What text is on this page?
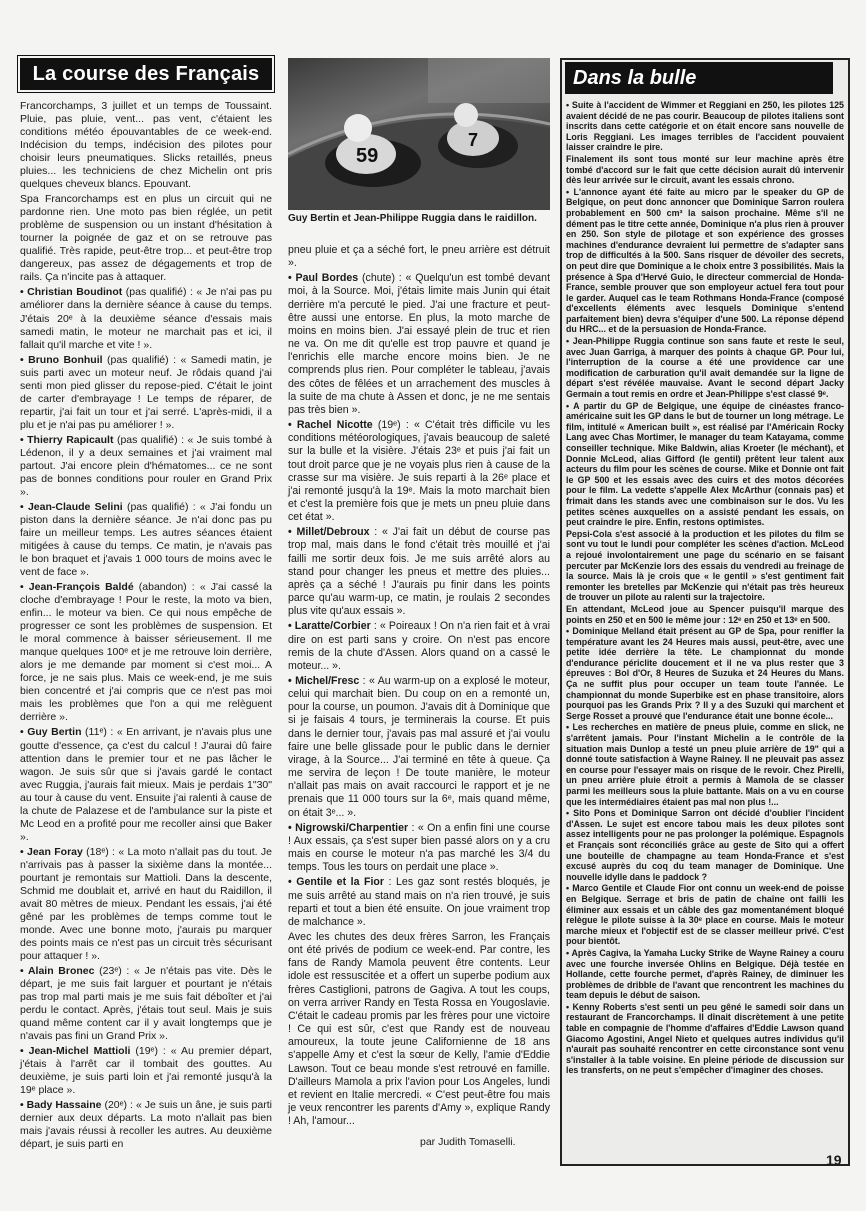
La course des Français
59
7

Guy Bertin et Jean-Philippe Ruggia dans le raidillon.

Francorchamps, 3 juillet et un temps de Toussaint. Pluie, pas pluie, vent... pas vent, c'étaient les conditions météo épouvantables de ce week-end. Indécision du temps, indécision des pilotes pour choisir leurs pneumatiques. Slicks retaillés, pneus pluies... les techniciens de chez Michelin ont pris quelques cheveux blancs. Epouvant.

Spa Francorchamps est en plus un circuit qui ne pardonne rien. Une moto pas bien réglée, un petit problème de suspension ou un instant d'hésitation à tourner la poignée de gaz et on se retrouve pas qualifié. Très rapide, peut-être trop... et peut-être trop dangereux, pas assez de dégagements et trop de rails. Ça n'incite pas à attaquer.

• Christian Boudinot (pas qualifié) : « Je n'ai pas pu améliorer dans la dernière séance à cause du temps. J'étais 20ᵉ à la deuxième séance d'essais mais samedi matin, le moteur ne marchait pas et ici, il fallait qu'il marche et vite ! ».

• Bruno Bonhuil (pas qualifié) : « Samedi matin, je suis parti avec un moteur neuf. Je rôdais quand j'ai senti mon pied glisser du repose-pied. C'était le joint de carter d'embrayage ! Le temps de réparer, de repartir, j'ai fait un tour et j'ai serré. L'après-midi, il a plu et je n'ai pas pu améliorer ! ».

• Thierry Rapicault (pas qualifié) : « Je suis tombé à Lédenon, il y a deux semaines et j'ai vraiment mal partout. J'ai encore plein d'hématomes... ce ne sont pas de bonnes conditions pour rouler en Grand Prix ».

• Jean-Claude Selini (pas qualifié) : « J'ai fondu un piston dans la dernière séance. Je n'ai donc pas pu faire un meilleur temps. Les autres séances étaient mitigées à cause du temps. Ce matin, je n'avais pas le bon braquet et j'avais 1 000 tours de moins avec le vent de face ».

• Jean-François Baldé (abandon) : « J'ai cassé la cloche d'embrayage ! Pour le reste, la moto va bien, enfin... le moteur va bien. Ce qui nous empêche de progresser ce sont les problèmes de suspension. Et le moral commence à baisser sérieusement. Il me manque quelques 100ᵉ et je me retrouve loin derrière, alors je me demande par moment si c'est moi... A force, je ne sais plus. Mais ce week-end, je me suis bien concentré et j'ai compris que ce n'est pas moi mais les problèmes que l'on a qui me relèguent derrière ».

• Guy Bertin (11ᵉ) : « En arrivant, je n'avais plus une goutte d'essence, ça c'est du calcul ! J'aurai dû faire attention dans le premier tour et ne pas lâcher le wagon. Je suis sûr que si j'avais gardé le contact avec Ruggia, j'aurais fait mieux. Mais je perdais 1"30" au tour à cause du vent. Ensuite j'ai ralenti à cause de la chute de Palazese et de l'ambulance sur la piste et Mc Leod en a profité pour me recoller ainsi que Baker ».

• Jean Foray (18ᵉ) : « La moto n'allait pas du tout. Je n'arrivais pas à passer la sixième dans la montée... pourtant je remontais sur Mattioli. Dans la descente, Schmid me doublait et, arrivé en haut du Raidillon, il avait 80 mètres de mieux. Pendant les essais, j'ai été gêné par les problèmes de temps comme tout le monde. Avec une bonne moto, j'aurais pu marquer des points mais ce n'est pas un circuit très sécurisant pour attaquer ! ».

• Alain Bronec (23ᵉ) : « Je n'étais pas vite. Dès le départ, je me suis fait larguer et pourtant je n'étais pas trop mal parti mais je me suis fait déboîter et j'ai perdu le contact. Après, j'étais tout seul. Mais je suis quand même content car il y avait longtemps que je n'avais pas fini un Grand Prix ».

• Jean-Michel Mattioli (19ᵉ) : « Au premier départ, j'étais à l'arrêt car il tombait des gouttes. Au deuxième, je suis parti loin et j'ai remonté jusqu'à la 19ᵉ place ».

• Bady Hassaine (20ᵉ) : « Je suis un âne, je suis parti dernier aux deux départs. La moto n'allait pas bien mais j'avais réussi à recoller les autres. Au deuxième départ, je suis parti en

pneu pluie et ça a séché fort, le pneu arrière est détruit ».

• Paul Bordes (chute) : « Quelqu'un est tombé devant moi, à la Source. Moi, j'étais limite mais Junin qui était derrière m'a percuté le pied. J'ai une fracture et peut-être aussi une entorse. En plus, la moto marche de moins en moins bien. J'ai essayé plein de truc et rien ne va. On me dit qu'elle est trop pauvre et quand je l'enrichis elle marche encore moins bien. Je ne comprends plus rien. Pour compléter le tableau, j'avais des côtes de fêlées et un arrachement des muscles à la suite de ma chute à Assen et donc, je ne me sentais pas très bien ».

• Rachel Nicotte (19ᵉ) : « C'était très difficile vu les conditions météorologiques, j'avais beaucoup de saleté sur la bulle et la visière. J'étais 23ᵉ et puis j'ai fait un tout droit parce que je ne voyais plus rien à cause de la crasse sur ma visière. Je suis reparti à la 26ᵉ place et j'ai remonté jusqu'à la 19ᵉ. Mais la moto marchait bien et c'est la première fois que je mets un pneu pluie dans cet état ».

• Millet/Debroux : « J'ai fait un début de course pas trop mal, mais dans le fond c'était très mouillé et j'ai failli me sortir deux fois. Je me suis arrêté alors au stand pour changer les pneus et mettre des pluies... après ça a séché ! J'aurais pu finir dans les points parce qu'au warm-up, ce matin, je roulais 2 secondes plus vite qu'aux essais ».

• Laratte/Corbier : « Poireaux ! On n'a rien fait et à vrai dire on est parti sans y croire. On n'est pas encore remis de la chute d'Assen. Alors quand on a cassé le moteur... ».

• Michel/Fresc : « Au warm-up on a explosé le moteur, celui qui marchait bien. Du coup on en a remonté un, pour la course, un poumon. J'avais dit à Dominique que si je faisais 4 tours, je terminerais la course. Et puis dans le dernier tour, j'avais pas mal assuré et j'ai voulu faire une belle glissade pour le public dans le dernier virage, à la Source... J'ai terminé en tête à queue. Ça me servira de leçon ! De toute manière, le moteur n'allait pas mais on avait raccourci le rapport et je ne prenais que 11 000 tours sur la 6ᵉ, mais quand même, on était 3ᵉ... ».

• Nigrowski/Charpentier : « On a enfin fini une course ! Aux essais, ça s'est super bien passé alors on y a cru mais en course le moteur n'a pas marché les 3/4 du temps. Tous les tours on perdait une place ».

• Gentile et la Fior : Les gaz sont restés bloqués, je me suis arrêté au stand mais on n'a rien trouvé, je suis reparti et tout a bien été ensuite. On joue vraiment trop de malchance ».

Avec les chutes des deux frères Sarron, les Français ont été privés de podium ce week-end. Par contre, les fans de Randy Mamola peuvent être contents. Leur idole est ressuscitée et a offert un superbe podium aux frères Castiglioni, patrons de Gagiva. A tout les coups, on verra arriver Randy en Testa Rossa en Yougoslavie. C'était le cadeau promis par les frères pour une victoire ! Ce qui est sûr, c'est que Randy est de nouveau amoureux, la toute jeune Californienne de 18 ans s'appelle Amy et c'est la sœur de Kelly, l'amie d'Eddie Lawson. Tout ce beau monde s'est retrouvé en famille. D'ailleurs Mamola a prix l'avion pour Los Angeles, lundi et revient en Italie mercredi. « C'est peut-être fou mais je veux rencontrer les parents d'Amy », explique Randy ! Ah, l'amour...

par Judith Tomaselli.

Dans la bulle

• Suite à l'accident de Wimmer et Reggiani en 250, les pilotes 125 avaient décidé de ne pas courir. Beaucoup de pilotes italiens sont inscrits dans cette catégorie et on était encore sans nouvelle de Loris Reggiani. Les images terribles de l'accident pouvaient laisser craindre le pire.

Finalement ils sont tous monté sur leur machine après être tombé d'accord sur le fait que cette décision aurait dû intervenir dès leur arrivée sur le circuit, avant les essais chrono.

• L'annonce ayant été faite au micro par le speaker du GP de Belgique, on peut donc annoncer que Dominique Sarron roulera probablement en 500 cm³ la saison prochaine. Même s'il ne dément pas le titre cette année, Dominique n'a plus rien à prouver en 250. Son style de pilotage et son expérience des grosses machines d'endurance devraient lui permettre de s'adapter sans trop de difficultés à la 500. Sans risquer de dévoiler des secrets, on peut dire que Dominique a le choix entre 3 possibilités. Mais la présence à Spa d'Hervé Guio, le directeur commercial de Honda-France, semble prouver que son employeur actuel fera tout pour le garder. Auquel cas le team Rothmans Honda-France (composé d'excellents éléments avec lesquels Dominique s'entend parfaitement bien) devra s'équiper d'une 500. La réponse dépend du HRC... et de la persuasion de Honda-France.

• Jean-Philippe Ruggia continue son sans faute et reste le seul, avec Juan Garriga, à marquer des points à chaque GP. Pour lui, l'interruption de la course a été une providence car une modification de carburation qu'il avait demandée sur la ligne de départ s'est révélée mauvaise. Avant le second départ Jacky Germain a tout remis en ordre et Jean-Philippe s'est classé 9ᵉ.

• A partir du GP de Belgique, une équipe de cinéastes franco-américaine suit les GP dans le but de tourner un long métrage. Le film, intitulé « American built », est réalisé par l'Américain Rocky Lang avec Chas Mortimer, le manager du team Katayama, comme conseiller technique. Mike Baldwin, alias Kroeter (le méchant), et Donnie McLeod, alias Gifford (le gentil) prêtent leur talent aux acteurs du film pour les scènes de course. Mike et Donnie ont fait le GP 500 et les essais avec des cuirs et des motos décorées pour le film. La vedette s'appelle Alex McArthur (connais pas) et frimait dans les stands avec une combinaison sur le dos. Vu les petites scènes auxquelles on a assisté pendant les essais, on peut craindre le pire. Enfin, restons optimistes.

Pepsi-Cola s'est associé à la production et les pilotes du film se sont vu tout le lundi pour compléter les scènes d'action. McLeod a rejoué involontairement une page du scénario en se faisant percuter par McKenzie lors des essais du vendredi au freinage de la source. Mais là je crois que « le gentil » s'est gentiment fait remonter les bretelles par McKenzie qui n'était pas très heureux de trouver un pilote au ralenti sur la trajectoire.

En attendant, McLeod joue au Spencer puisqu'il marque des points en 250 et en 500 le même jour : 12ᵉ en 250 et 13ᵉ en 500.

• Dominique Melland était présent au GP de Spa, pour renifler la température avant les 24 Heures mais aussi, peut-être, avec une petite idée derrière la tête. Le championnat du monde d'endurance périclite doucement et il ne va plus rester que 3 épreuves : Bol d'Or, 8 Heures de Suzuka et 24 Heures du Mans. Ça ne suffit plus pour occuper un team toute l'année. Le championnat du monde Superbike est en phase transitoire, alors pourquoi pas les Grands Prix ? Il y a des Suzuki qui marchent et Serge Rosset a prouvé que l'endurance était une bonne école...

• Les recherches en matière de pneus pluie, comme en slick, ne s'arrêtent jamais. Pour l'instant Michelin a le contrôle de la situation mais Dunlop a testé un pneu pluie arrière de 19" qui a donné toute satisfaction à Wayne Rainey. Il ne pleuvait pas assez en course pour l'essayer mais on risque de le revoir. Chez Pirelli, un pneu arrière pluie étroit a permis à Mamola de se classer parmi les meilleurs sous la pluie battante. Mais on a vu en course que les intermédiaires étaient pas mal non plus !...

• Sito Pons et Dominique Sarron ont décidé d'oublier l'incident d'Assen. Le sujet est encore tabou mais les deux pilotes sont assez intelligents pour ne pas prolonger la polémique. Espagnols et Français sont réconciliés grâce au geste de Sito qui a offert une bouteille de champagne au team Honda-France et s'est excusé auprès du coq du team manager de Dominique. Une nouvelle idylle dans le paddock ?

• Marco Gentile et Claude Fior ont connu un week-end de poisse en Belgique. Serrage et bris de patin de chaîne ont failli les éliminer aux essais et un câble des gaz momentanément bloqué relègue le pilote suisse à la 30ᵉ place en course. Mais le moteur marche mieux et l'objectif est de se classer meilleur privé. C'est pour bientôt.

• Après Cagiva, la Yamaha Lucky Strike de Wayne Rainey a couru avec une fourche inversée Ohlins en Belgique. Déjà testée en Hollande, cette fourche permet, d'après Rainey, de diminuer les problèmes de dribble de l'avant que rencontrent les machines du team depuis le début de saison.

• Kenny Roberts s'est senti un peu gêné le samedi soir dans un restaurant de Francorchamps. Il dînait discrètement à une petite table en compagnie de l'homme d'affaires d'Eddie Lawson quand Giacomo Agostini, Angel Nieto et quelques autres individus qu'il n'aurait pas souhaité rencontrer en cette circonstance sont venu s'installer à la table voisine. En pleine période de discussion sur les transferts, on ne peut s'empêcher d'imaginer des choses.

19
